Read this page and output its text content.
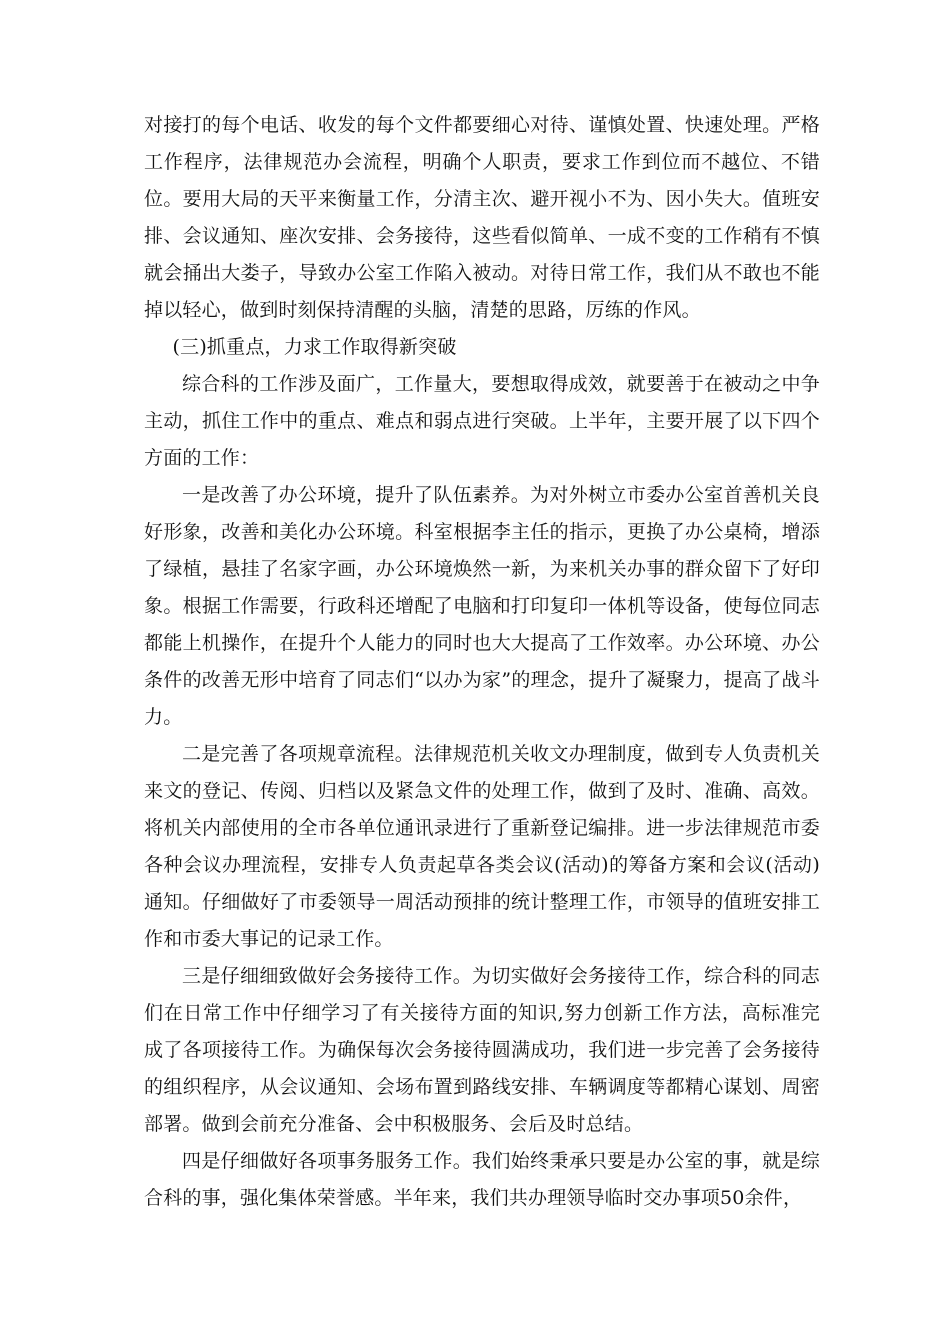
对接打的每个电话、收发的每个文件都要细心对待、谨慎处置、快速处理。严格工作程序，法律规范办会流程，明确个人职责，要求工作到位而不越位、不错位。要用大局的天平来衡量工作，分清主次、避开视小不为、因小失大。值班安排、会议通知、座次安排、会务接待，这些看似简单、一成不变的工作稍有不慎就会捅出大娄子，导致办公室工作陷入被动。对待日常工作，我们从不敢也不能掉以轻心，做到时刻保持清醒的头脑，清楚的思路，厉练的作风。

(三)抓重点，力求工作取得新突破

综合科的工作涉及面广，工作量大，要想取得成效，就要善于在被动之中争主动，抓住工作中的重点、难点和弱点进行突破。上半年，主要开展了以下四个方面的工作：

一是改善了办公环境，提升了队伍素养。为对外树立市委办公室首善机关良好形象，改善和美化办公环境。科室根据李主任的指示，更换了办公桌椅，增添了绿植，悬挂了名家字画，办公环境焕然一新，为来机关办事的群众留下了好印象。根据工作需要，行政科还增配了电脑和打印复印一体机等设备，使每位同志都能上机操作，在提升个人能力的同时也大大提高了工作效率。办公环境、办公条件的改善无形中培育了同志们“以办为家”的理念，提升了凝聚力，提高了战斗力。

二是完善了各项规章流程。法律规范机关收文办理制度，做到专人负责机关来文的登记、传阅、归档以及紧急文件的处理工作，做到了及时、准确、高效。将机关内部使用的全市各单位通讯录进行了重新登记编排。进一步法律规范市委各种会议办理流程，安排专人负责起草各类会议(活动)的筹备方案和会议(活动)通知。仔细做好了市委领导一周活动预排的统计整理工作，市领导的值班安排工作和市委大事记的记录工作。

三是仔细细致做好会务接待工作。为切实做好会务接待工作，综合科的同志们在日常工作中仔细学习了有关接待方面的知识,努力创新工作方法，高标准完成了各项接待工作。为确保每次会务接待圆满成功，我们进一步完善了会务接待的组织程序，从会议通知、会场布置到路线安排、车辆调度等都精心谋划、周密部署。做到会前充分准备、会中积极服务、会后及时总结。

四是仔细做好各项事务服务工作。我们始终秉承只要是办公室的事，就是综合科的事，强化集体荣誉感。半年来，我们共办理领导临时交办事项50余件，
